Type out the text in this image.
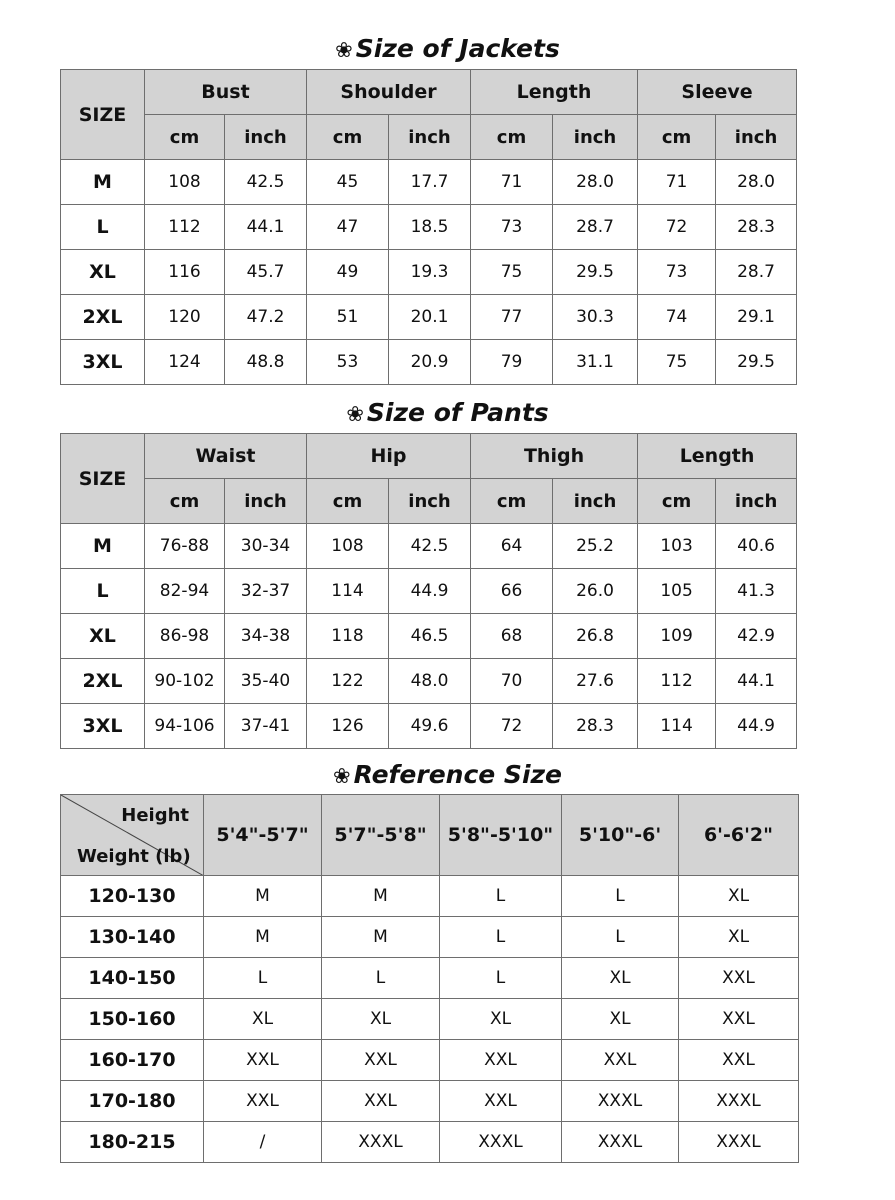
❀ Size of Jackets
SIZE	Bust		Shoulder		Length		Sleeve	
	cm	inch	cm	inch	cm	inch	cm	inch
M	108	42.5	45	17.7	71	28.0	71	28.0
L	112	44.1	47	18.5	73	28.7	72	28.3
XL	116	45.7	49	19.3	75	29.5	73	28.7
2XL	120	47.2	51	20.1	77	30.3	74	29.1
3XL	124	48.8	53	20.9	79	31.1	75	29.5
❀ Size of Pants
SIZE	Waist		Hip		Thigh		Length	
	cm	inch	cm	inch	cm	inch	cm	inch
M	76-88	30-34	108	42.5	64	25.2	103	40.6
L	82-94	32-37	114	44.9	66	26.0	105	41.3
XL	86-98	34-38	118	46.5	68	26.8	109	42.9
2XL	90-102	35-40	122	48.0	70	27.6	112	44.1
3XL	94-106	37-41	126	49.6	72	28.3	114	44.9
❀ Reference Size
Height
Weight (lb)	5'4"-5'7"	5'7"-5'8"	5'8"-5'10"	5'10"-6'	6'-6'2"
120-130	M	M	L	L	XL
130-140	M	M	L	L	XL
140-150	L	L	L	XL	XXL
150-160	XL	XL	XL	XL	XXL
160-170	XXL	XXL	XXL	XXL	XXL
170-180	XXL	XXL	XXL	XXXL	XXXL
180-215	/	XXXL	XXXL	XXXL	XXXL
